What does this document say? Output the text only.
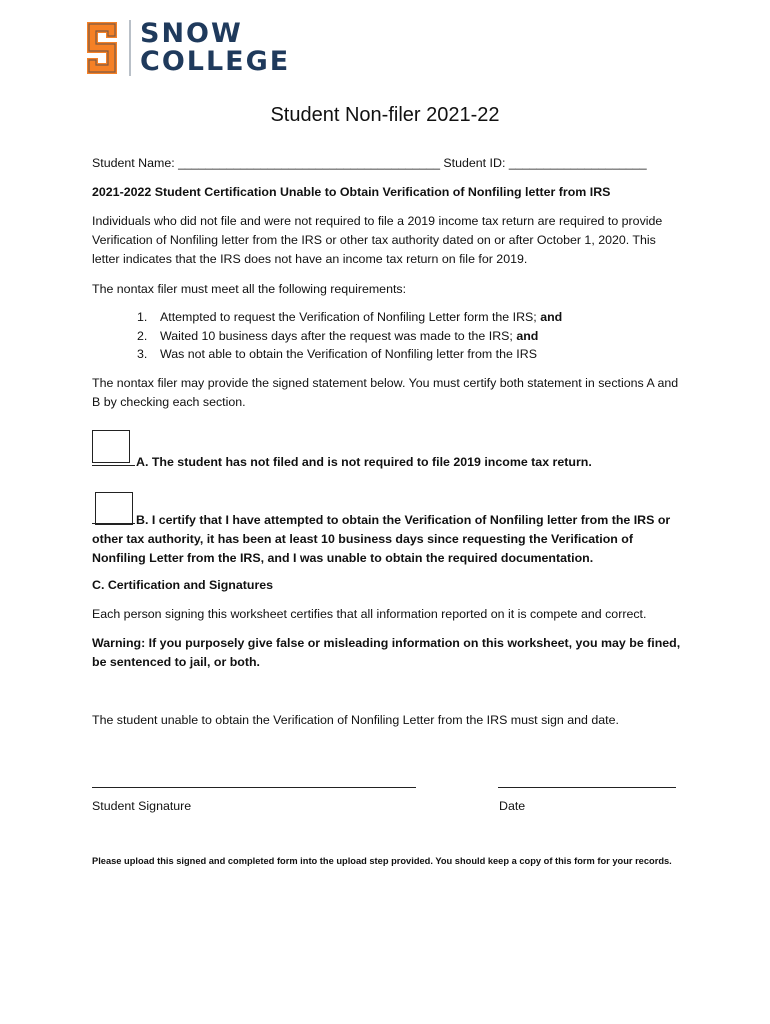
SNOW
COLLEGE
Student Non-filer 2021-22
Student Name: ______________________________________ Student ID: ____________________
2021-2022 Student Certification Unable to Obtain Verification of Nonfiling letter from IRS
Individuals who did not file and were not required to file a 2019 income tax return are required to provide Verification of Nonfiling letter from the IRS or other tax authority dated on or after October 1, 2020. This letter indicates that the IRS does not have an income tax return on file for 2019.
The nontax filer must meet all the following requirements:
1.	Attempted to request the Verification of Nonfiling Letter form the IRS;
and
2.	Waited 10 business days after the request was made to the IRS;
and
3.	Was not able to obtain the Verification of Nonfiling letter from the IRS
The nontax filer may provide the signed statement below. You must certify both statement in sections A and B by checking each section.
A. The student has not filed and is not required to file 2019 income tax return.
B. I certify that I have attempted to obtain the Verification of Nonfiling letter from the IRS or other tax authority, it has been at least 10 business days since requesting the Verification of Nonfiling Letter from the IRS, and I was unable to obtain the required documentation.
C. Certification and Signatures
Each person signing this worksheet certifies that all information reported on it is compete and correct.
Warning: If you purposely give false or misleading information on this worksheet, you may be fined, be sentenced to jail, or both.
The student unable to obtain the Verification of Nonfiling Letter from the IRS must sign and date.
Student Signature	Date
Please upload this signed and completed form into the upload step provided. You should keep a copy of this form for your records.
